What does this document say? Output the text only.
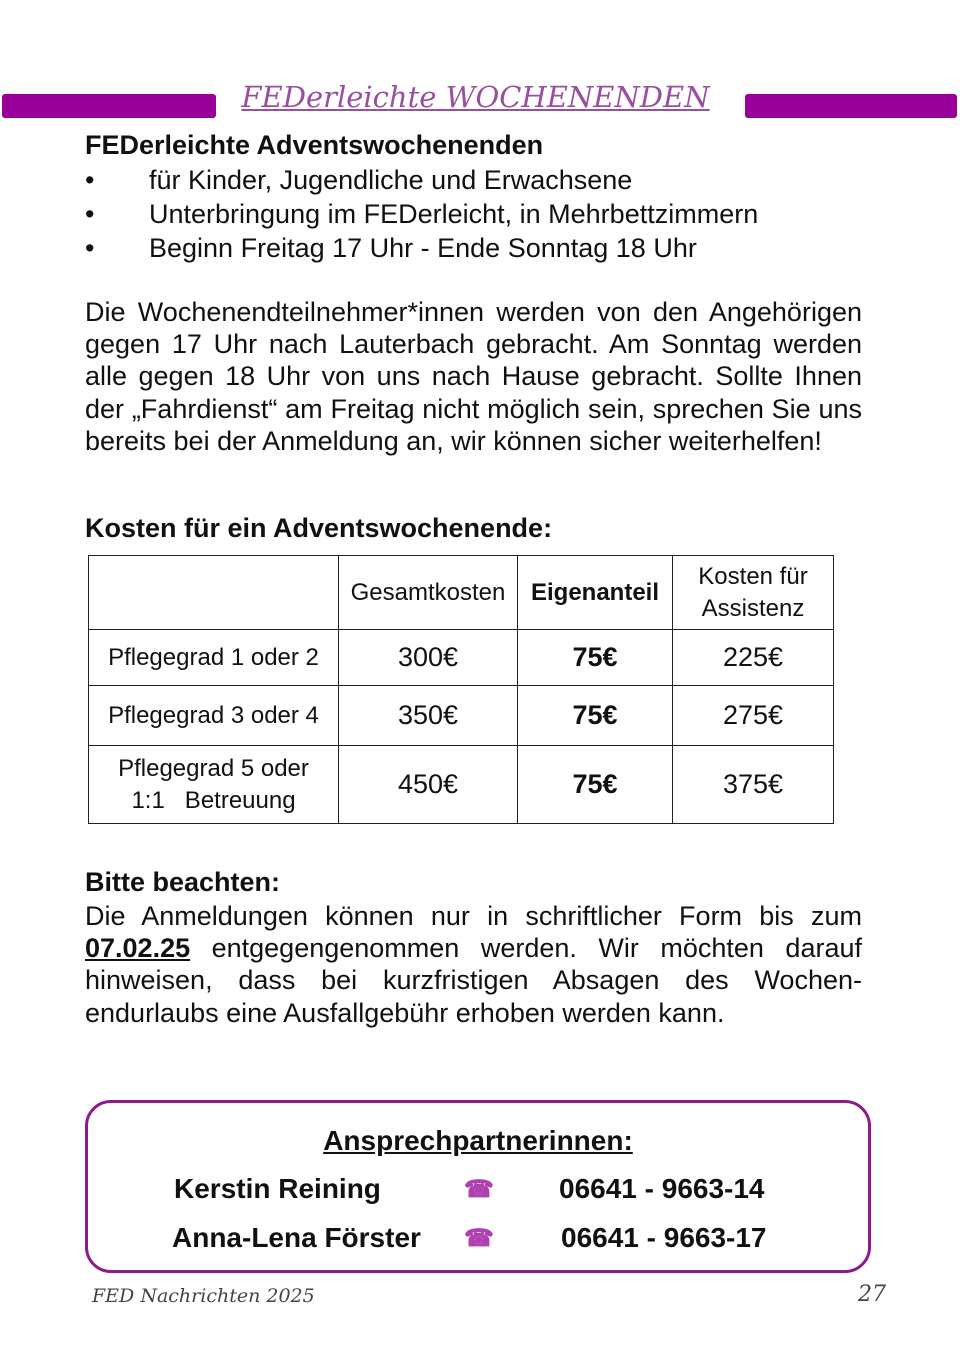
FEDerleichte WOCHENENDEN
FEDerleichte Adventswochenenden
• für Kinder, Jugendliche und Erwachsene
• Unterbringung im FEDerleicht, in Mehrbettzimmern
• Beginn Freitag 17 Uhr - Ende Sonntag 18 Uhr
Die Wochenendteilnehmer*innen werden von den Angehörigen gegen 17 Uhr nach Lauterbach gebracht. Am Sonntag werden alle gegen 18 Uhr von uns nach Hause gebracht. Sollte Ihnen der „Fahrdienst“ am Freitag nicht möglich sein, sprechen Sie uns bereits bei der Anmeldung an, wir können sicher weiterhelfen!
Kosten für ein Adventswochenende:
	Gesamtkosten	Eigenanteil	Kosten für Assistenz
Pflegegrad 1 oder 2	300€	75€	225€
Pflegegrad 3 oder 4	350€	75€	275€
Pflegegrad 5 oder 1:1   Betreuung	450€	75€	375€
Bitte beachten:
Die Anmeldungen können nur in schriftlicher Form bis zum 07.02.25 entgegengenommen werden. Wir möchten darauf hinweisen, dass bei kurzfristigen Absagen des Wochenendurlaubs eine Ausfallgebühr erhoben werden kann.
Ansprechpartnerinnen:
Kerstin Reining	☎ 06641 - 9663-14
Anna-Lena Förster ☎ 06641 - 9663-17
FED Nachrichten 2025	27
